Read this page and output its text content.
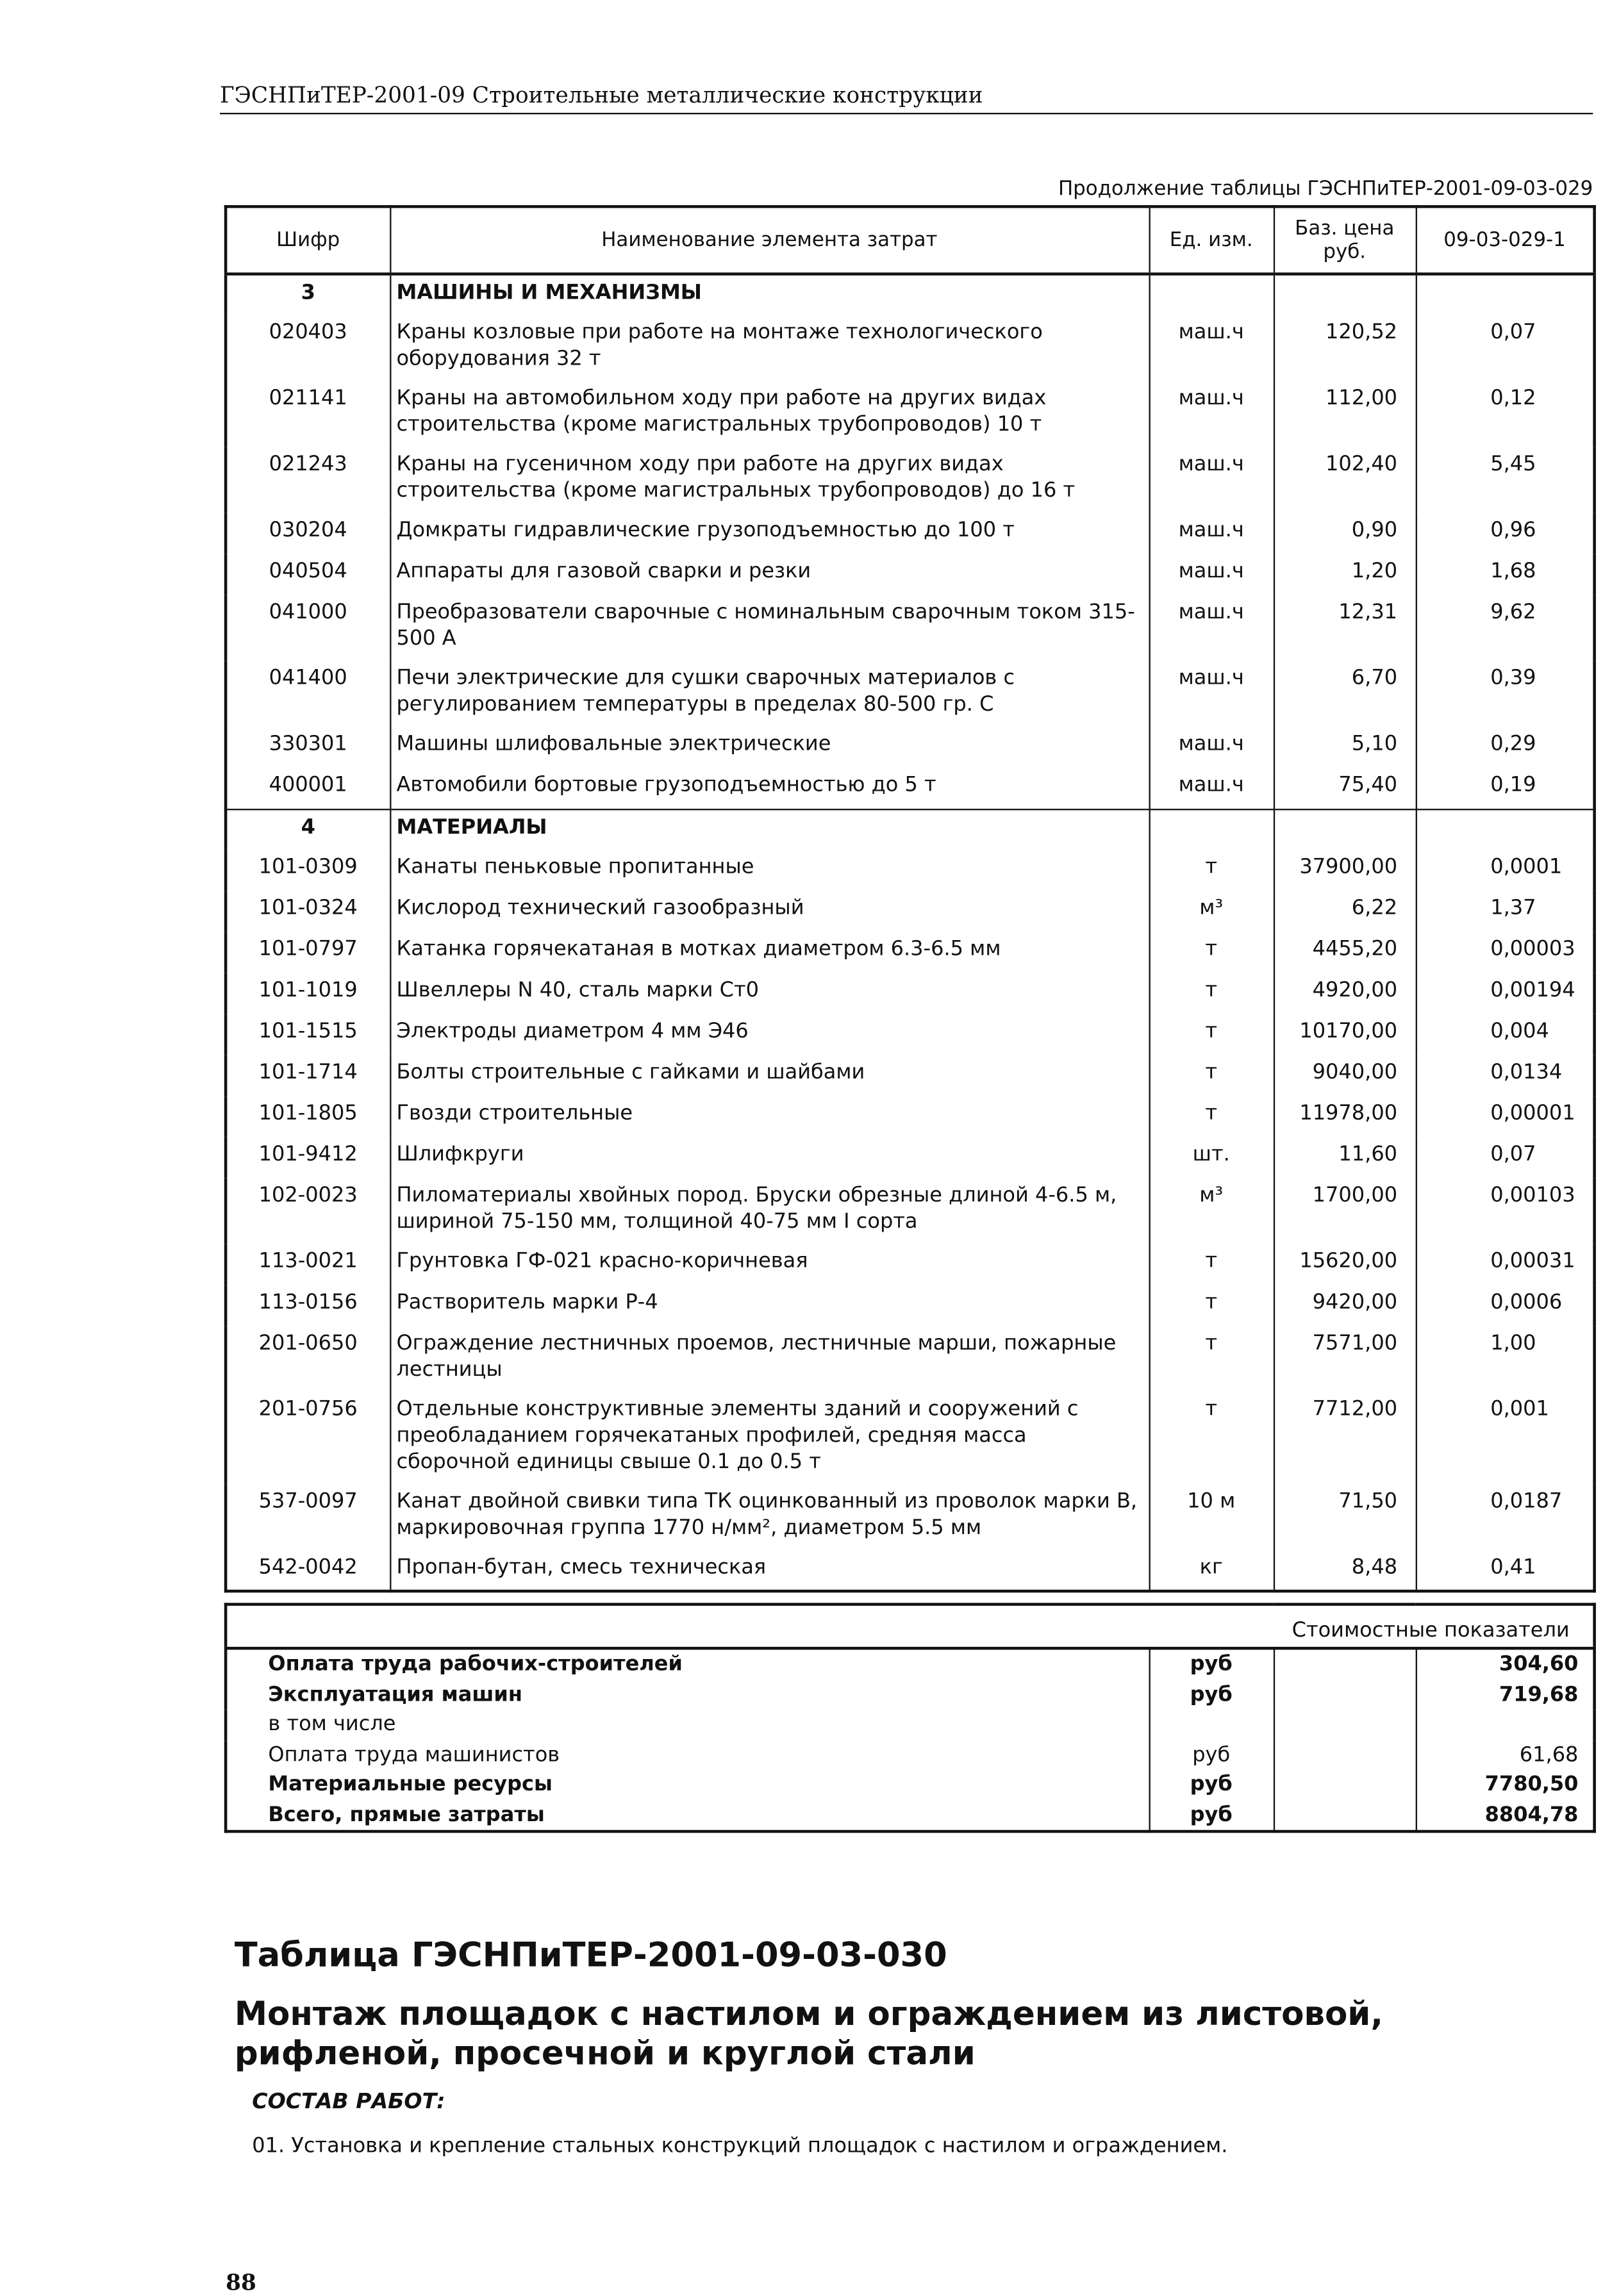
ГЭСНПиТЕР-2001-09 Строительные металлические конструкции
Продолжение таблицы ГЭСНПиТЕР-2001-09-03-029
Шифр	Наименование элемента затрат	Ед. изм.	Баз. цена руб.	09-03-029-1
3	МАШИНЫ И МЕХАНИЗМЫ			
020403	Краны козловые при работе на монтаже технологического оборудования 32 т	маш.ч	120,52	0,07
021141	Краны на автомобильном ходу при работе на других видах строительства (кроме магистральных трубопроводов) 10 т	маш.ч	112,00	0,12
021243	Краны на гусеничном ходу при работе на других видах строительства (кроме магистральных трубопроводов) до 16 т	маш.ч	102,40	5,45
030204	Домкраты гидравлические грузоподъемностью до 100 т	маш.ч	0,90	0,96
040504	Аппараты для газовой сварки и резки	маш.ч	1,20	1,68
041000	Преобразователи сварочные с номинальным сварочным током 315-500 А	маш.ч	12,31	9,62
041400	Печи электрические для сушки сварочных материалов с регулированием температуры в пределах 80-500 гр. С	маш.ч	6,70	0,39
330301	Машины шлифовальные электрические	маш.ч	5,10	0,29
400001	Автомобили бортовые грузоподъемностью до 5 т	маш.ч	75,40	0,19
4	МАТЕРИАЛЫ			
101-0309	Канаты пеньковые пропитанные	т	37900,00	0,0001
101-0324	Кислород технический газообразный	м³	6,22	1,37
101-0797	Катанка горячекатаная в мотках диаметром 6.3-6.5 мм	т	4455,20	0,00003
101-1019	Швеллеры N 40, сталь марки Ст0	т	4920,00	0,00194
101-1515	Электроды диаметром 4 мм Э46	т	10170,00	0,004
101-1714	Болты строительные с гайками и шайбами	т	9040,00	0,0134
101-1805	Гвозди строительные	т	11978,00	0,00001
101-9412	Шлифкруги	шт.	11,60	0,07
102-0023	Пиломатериалы хвойных пород. Бруски обрезные длиной 4-6.5 м, шириной 75-150 мм, толщиной 40-75 мм I сорта	м³	1700,00	0,00103
113-0021	Грунтовка ГФ-021 красно-коричневая	т	15620,00	0,00031
113-0156	Растворитель марки Р-4	т	9420,00	0,0006
201-0650	Ограждение лестничных проемов, лестничные марши, пожарные лестницы	т	7571,00	1,00
201-0756	Отдельные конструктивные элементы зданий и сооружений с преобладанием горячекатаных профилей, средняя масса сборочной единицы свыше 0.1 до 0.5 т	т	7712,00	0,001
537-0097	Канат двойной свивки типа ТК оцинкованный из проволок марки В, маркировочная группа 1770 н/мм², диаметром 5.5 мм	10 м	71,50	0,0187
542-0042	Пропан-бутан, смесь техническая	кг	8,48	0,41
Стоимостные показатели			
Оплата труда рабочих-строителей	руб		304,60
Эксплуатация машин	руб		719,68
в том числе			
Оплата труда машинистов	руб		61,68
Материальные ресурсы	руб		7780,50
Всего, прямые затраты	руб		8804,78
Таблица ГЭСНПиТЕР-2001-09-03-030
Монтаж площадок с настилом и ограждением из листовой, рифленой, просечной и круглой стали
СОСТАВ РАБОТ:
01. Установка и крепление стальных конструкций площадок с настилом и ограждением.
88
